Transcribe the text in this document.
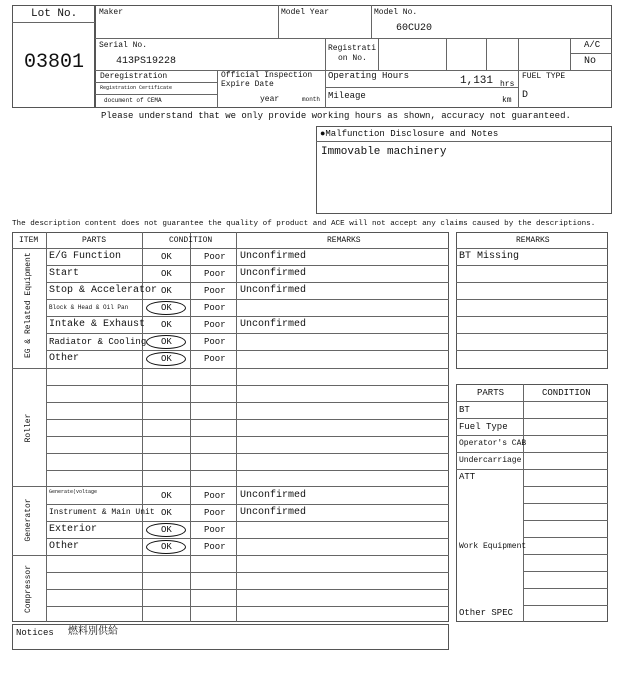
Lot No.
03801
Maker	Model Year	Model No.
60CU20
Serial No.
413PS19228
Registrati
on No.
A/C
No
Deregistration
Registration Certificate
document of CEMA
Official Inspection
Expire Date
year	month
Operating Hours	1,131 hrs
Mileage	km
FUEL TYPE
D
Please understand that we only provide working hours as shown, accuracy not guaranteed.
●Malfunction Disclosure and Notes
Immovable machinery
The description content does not guarantee the quality of product and ACE will not accept any claims caused by the descriptions.
ITEM	PARTS	CONDITION	REMARKS
EG & Related Equipment
Roller
Generator
Compressor
E/G Function	OK	Poor Unconfirmed
Start	OK	Poor Unconfirmed
Stop & Accelerator OK	Poor Unconfirmed
Block & Head & Oil Pan	OK	Poor
Intake & Exhaust OK	Poor Unconfirmed
Radiator & Cooling OK	Poor
Other	OK	Poor
Generate(voltage	OK	Poor Unconfirmed
Instrument & Main Unit OK	Poor Unconfirmed
Exterior	OK	Poor
Other	OK	Poor
REMARKS
BT Missing
PARTS	CONDITION
BT
Fuel Type
Operator's CAB
Undercarriage
ATT
Work Equipment
Other SPEC
Notices 燃料別供給
